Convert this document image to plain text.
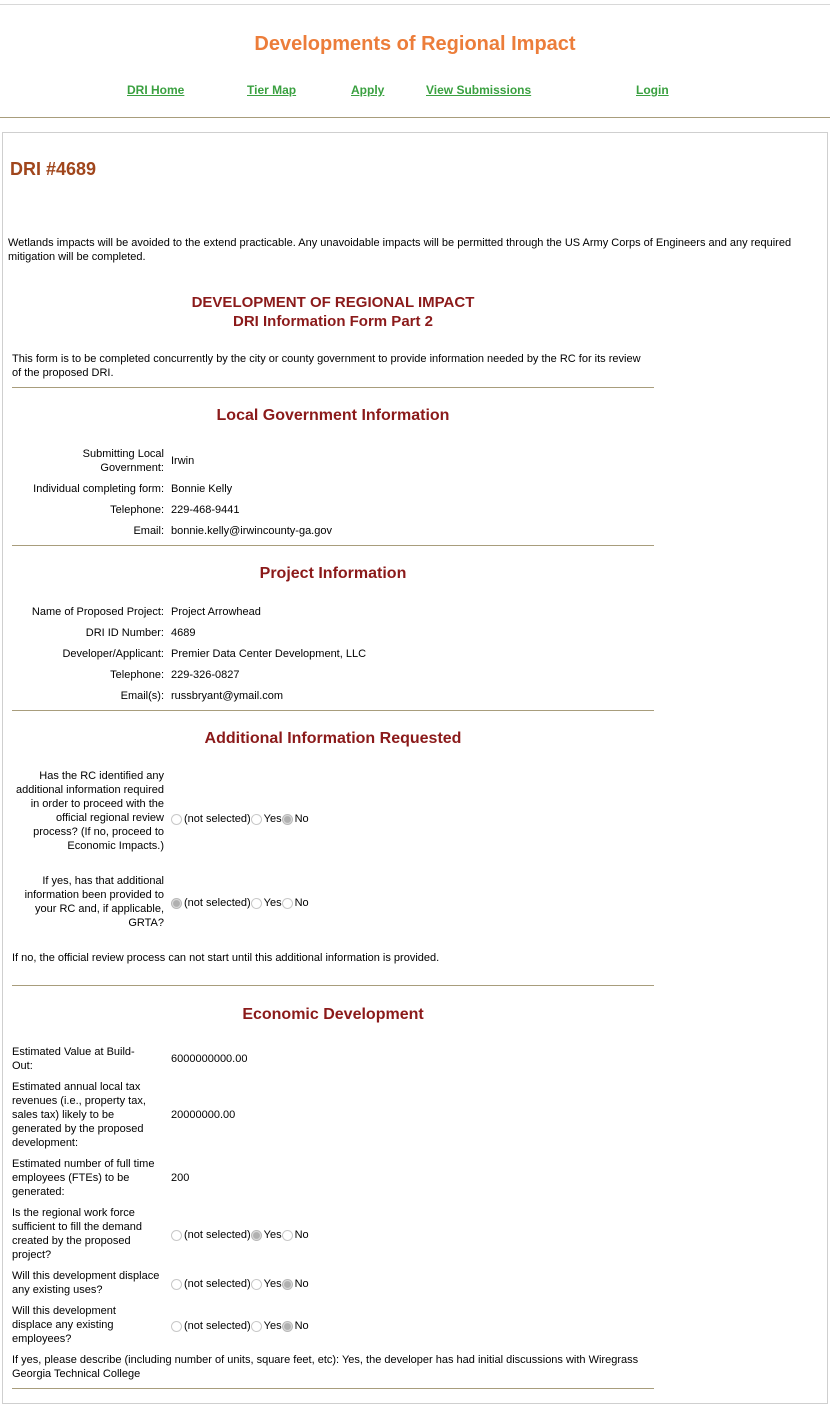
Developments of Regional Impact
DRI Home	Tier Map	Apply	View Submissions	Login
DRI #4689
Wetlands impacts will be avoided to the extend practicable. Any unavoidable impacts will be permitted through the US Army Corps of Engineers and any required mitigation will be completed.
DEVELOPMENT OF REGIONAL IMPACT
DRI Information Form Part 2
This form is to be completed concurrently by the city or county government to provide information needed by the RC for its review of the proposed DRI.
Local Government Information
Submitting Local Government:
Irwin
Individual completing form: Bonnie Kelly
Telephone: 229-468-9441
Email: bonnie.kelly@irwincounty-ga.gov
Project Information
Name of Proposed Project: Project Arrowhead
DRI ID Number: 4689
Developer/Applicant: Premier Data Center Development, LLC
Telephone: 229-326-0827
Email(s): russbryant@ymail.com
Additional Information Requested
Has the RC identified any additional information required in order to proceed with the official regional review process? (If no, proceed to Economic Impacts.)
(not selected) Yes No
If yes, has that additional information been provided to your RC and, if applicable, GRTA?
(not selected) Yes No
If no, the official review process can not start until this additional information is provided.
Economic Development
Estimated Value at Build-Out:
6000000000.00
Estimated annual local tax revenues (i.e., property tax, sales tax) likely to be generated by the proposed development:
20000000.00
Estimated number of full time employees (FTEs) to be generated:
200
Is the regional work force sufficient to fill the demand created by the proposed project?
(not selected) Yes No
Will this development displace any existing uses?	(not selected) Yes No
Will this development displace any existing employees?
(not selected) Yes No
If yes, please describe (including number of units, square feet, etc): Yes, the developer has had initial discussions with Wiregrass Georgia Technical College
